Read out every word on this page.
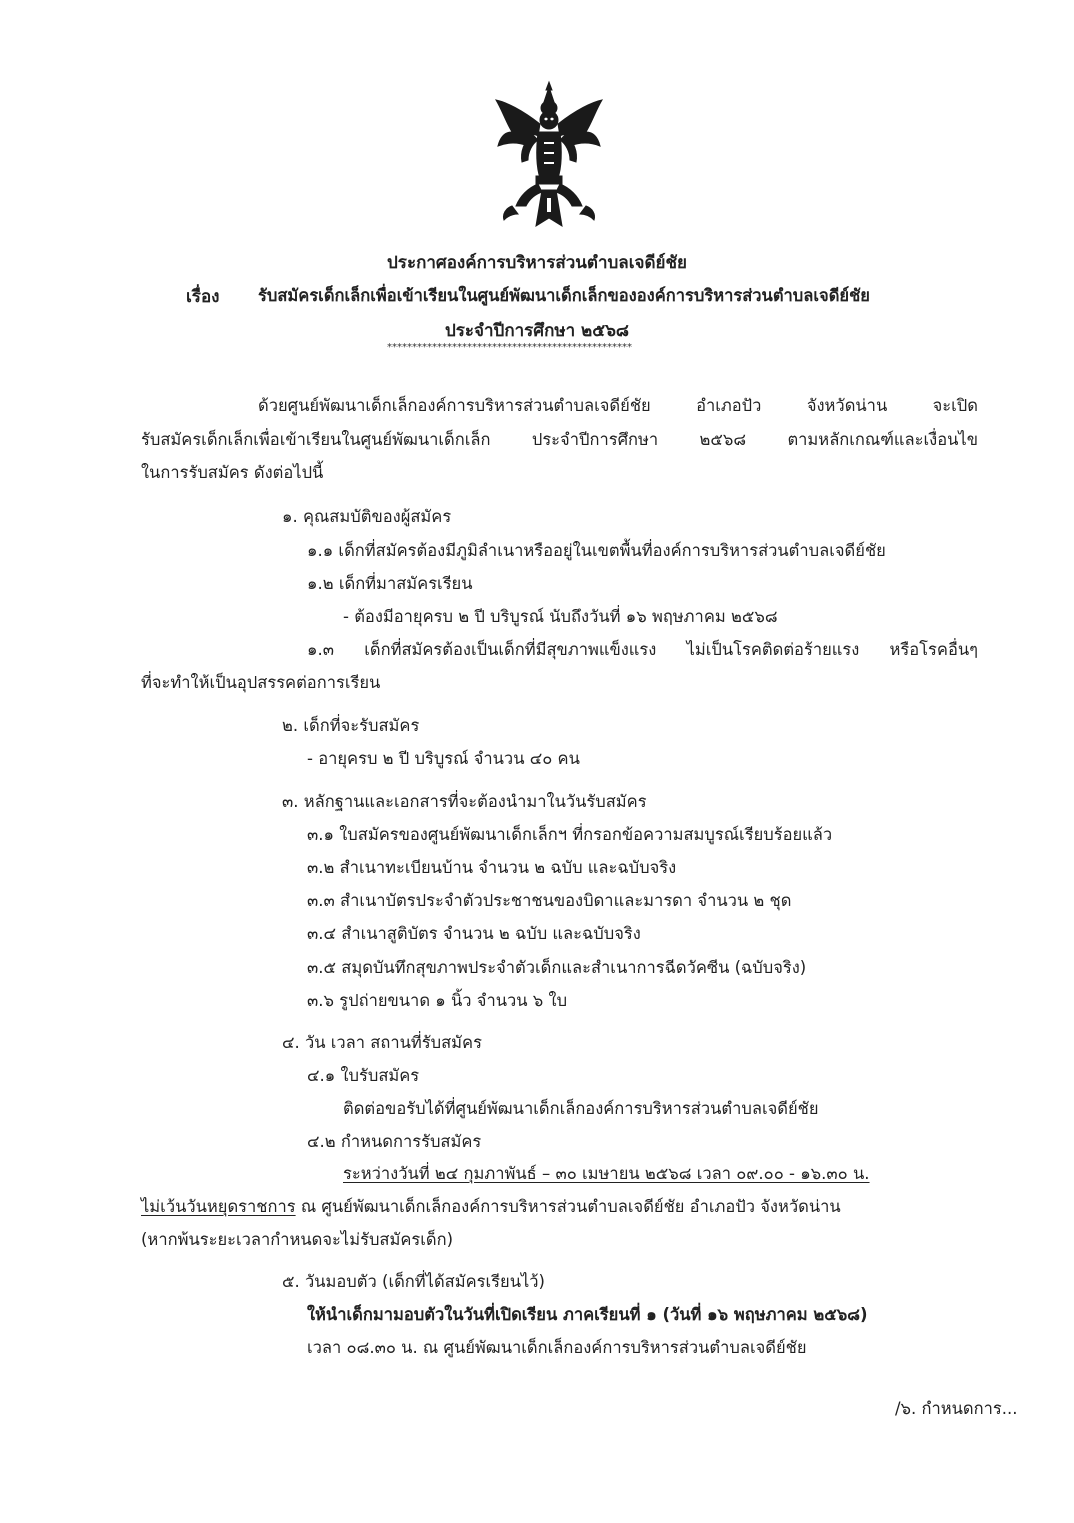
ประกาศองค์การบริหารส่วนตำบลเจดีย์ชัย
เรื่อง รับสมัครเด็กเล็กเพื่อเข้าเรียนในศูนย์พัฒนาเด็กเล็กขององค์การบริหารส่วนตำบลเจดีย์ชัย
ประจำปีการศึกษา ๒๕๖๘
*************************************************
ด้วยศูนย์พัฒนาเด็กเล็กองค์การบริหารส่วนตำบลเจดีย์ชัย อำเภอปัว จังหวัดน่าน จะเปิด
รับสมัครเด็กเล็กเพื่อเข้าเรียนในศูนย์พัฒนาเด็กเล็ก ประจำปีการศึกษา ๒๕๖๘ ตามหลักเกณฑ์และเงื่อนไข
ในการรับสมัคร ดังต่อไปนี้
๑. คุณสมบัติของผู้สมัคร
๑.๑ เด็กที่สมัครต้องมีภูมิลำเนาหรืออยู่ในเขตพื้นที่องค์การบริหารส่วนตำบลเจดีย์ชัย
๑.๒ เด็กที่มาสมัครเรียน
- ต้องมีอายุครบ ๒ ปี บริบูรณ์ นับถึงวันที่ ๑๖ พฤษภาคม ๒๕๖๘
๑.๓ เด็กที่สมัครต้องเป็นเด็กที่มีสุขภาพแข็งแรง ไม่เป็นโรคติดต่อร้ายแรง หรือโรคอื่นๆ
ที่จะทำให้เป็นอุปสรรคต่อการเรียน
๒. เด็กที่จะรับสมัคร
- อายุครบ ๒ ปี บริบูรณ์ จำนวน ๔๐ คน
๓. หลักฐานและเอกสารที่จะต้องนำมาในวันรับสมัคร
๓.๑ ใบสมัครของศูนย์พัฒนาเด็กเล็กฯ ที่กรอกข้อความสมบูรณ์เรียบร้อยแล้ว
๓.๒ สำเนาทะเบียนบ้าน จำนวน ๒ ฉบับ และฉบับจริง
๓.๓ สำเนาบัตรประจำตัวประชาชนของบิดาและมารดา จำนวน ๒ ชุด
๓.๔ สำเนาสูติบัตร จำนวน ๒ ฉบับ และฉบับจริง
๓.๕ สมุดบันทึกสุขภาพประจำตัวเด็กและสำเนาการฉีดวัคซีน (ฉบับจริง)
๓.๖ รูปถ่ายขนาด ๑ นิ้ว จำนวน ๖ ใบ
๔. วัน เวลา สถานที่รับสมัคร
๔.๑ ใบรับสมัคร
ติดต่อขอรับได้ที่ศูนย์พัฒนาเด็กเล็กองค์การบริหารส่วนตำบลเจดีย์ชัย
๔.๒ กำหนดการรับสมัคร
ระหว่างวันที่ ๒๔ กุมภาพันธ์ – ๓๐ เมษายน ๒๕๖๘ เวลา ๐๙.๐๐ - ๑๖.๓๐ น.
ไม่เว้นวันหยุดราชการ ณ ศูนย์พัฒนาเด็กเล็กองค์การบริหารส่วนตำบลเจดีย์ชัย อำเภอปัว จังหวัดน่าน
(หากพ้นระยะเวลากำหนดจะไม่รับสมัครเด็ก)
๕. วันมอบตัว (เด็กที่ได้สมัครเรียนไว้)
ให้นำเด็กมามอบตัวในวันที่เปิดเรียน ภาคเรียนที่ ๑ (วันที่ ๑๖ พฤษภาคม ๒๕๖๘)
เวลา ๐๘.๓๐ น. ณ ศูนย์พัฒนาเด็กเล็กองค์การบริหารส่วนตำบลเจดีย์ชัย
/๖. กำหนดการ...
